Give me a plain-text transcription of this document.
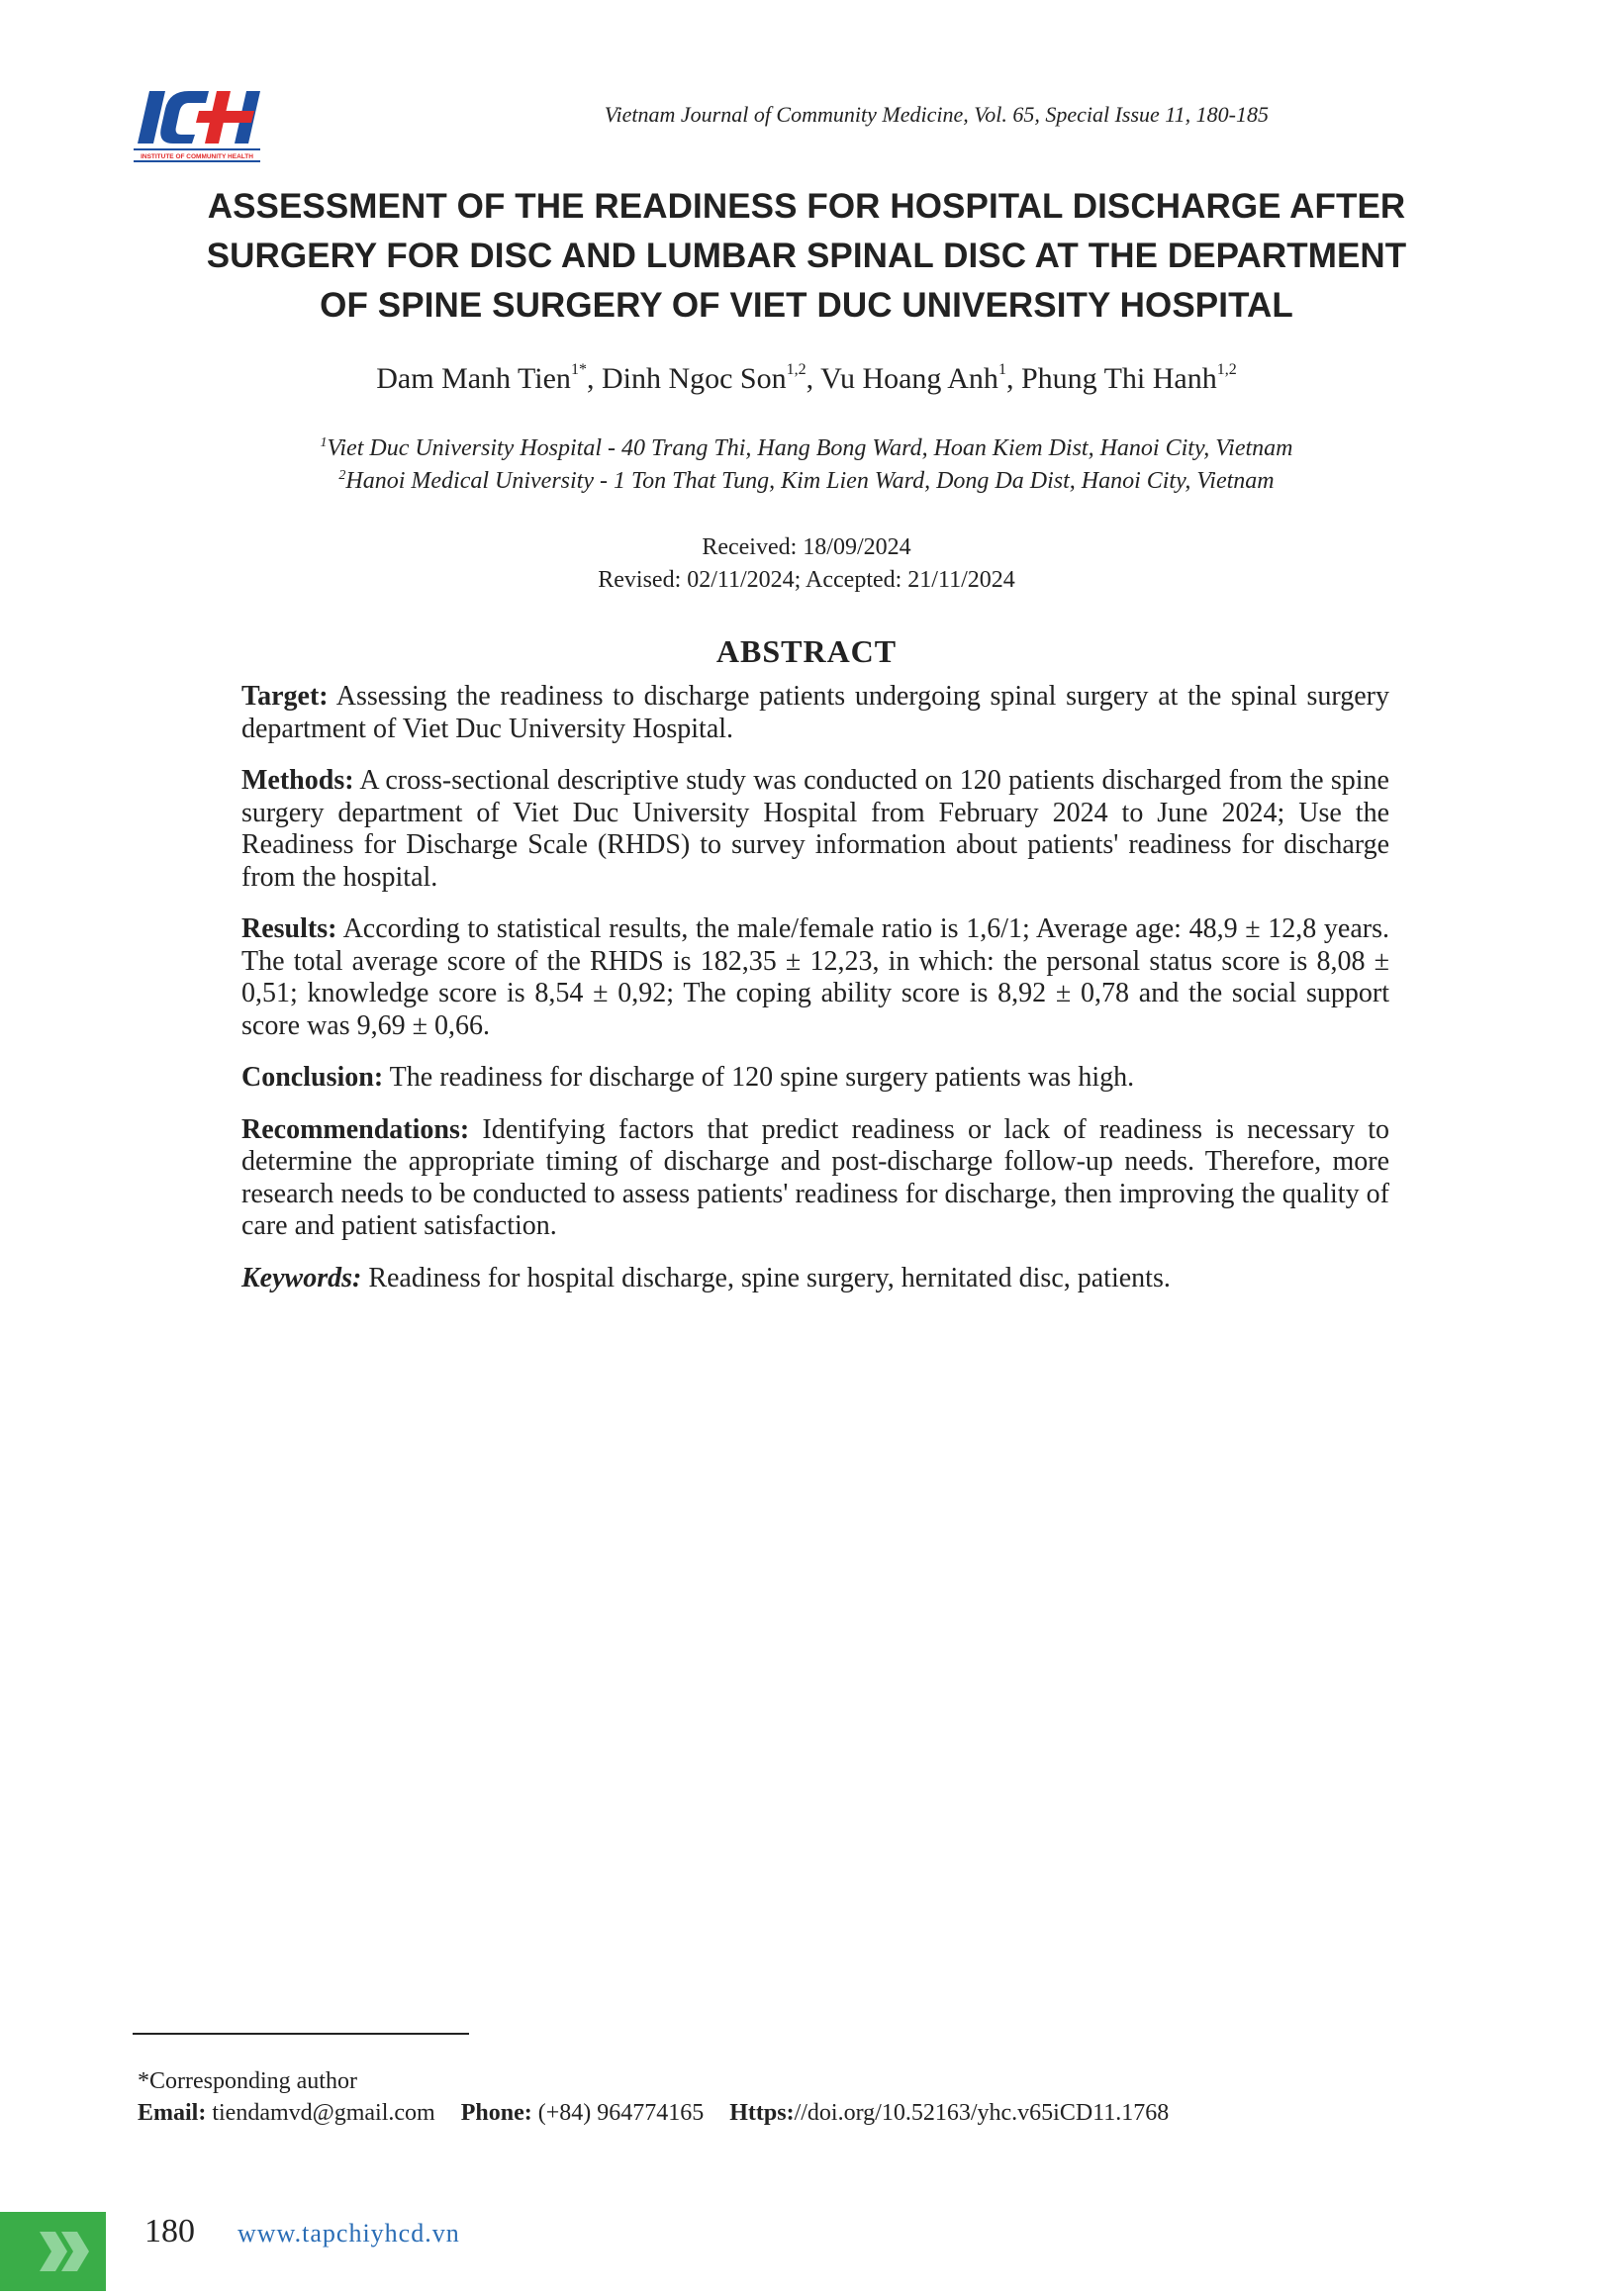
INSTITUTE OF COMMUNITY HEALTH
Vietnam Journal of Community Medicine, Vol. 65, Special Issue 11, 180-185
ASSESSMENT OF THE READINESS FOR HOSPITAL DISCHARGE AFTER
SURGERY FOR DISC AND LUMBAR SPINAL DISC AT THE DEPARTMENT
OF SPINE SURGERY OF VIET DUC UNIVERSITY HOSPITAL
Dam Manh Tien$^{1*}$, Dinh Ngoc Son$^{1,2}$, Vu Hoang Anh$^1$, Phung Thi Hanh$^{1,2}$
$^1$Viet Duc University Hospital - 40 Trang Thi, Hang Bong Ward, Hoan Kiem Dist, Hanoi City, Vietnam
$^2$Hanoi Medical University - 1 Ton That Tung, Kim Lien Ward, Dong Da Dist, Hanoi City, Vietnam
Received: 18/09/2024
Revised: 02/11/2024; Accepted: 21/11/2024
ABSTRACT

Target: Assessing the readiness to discharge patients undergoing spinal surgery at the spinal surgery department of Viet Duc University Hospital.

Methods: A cross-sectional descriptive study was conducted on 120 patients discharged from the spine surgery department of Viet Duc University Hospital from February 2024 to June 2024; Use the Readiness for Discharge Scale (RHDS) to survey information about patients' readiness for discharge from the hospital.

Results: According to statistical results, the male/female ratio is 1,6/1; Average age: 48,9 ± 12,8 years. The total average score of the RHDS is 182,35 ± 12,23, in which: the personal status score is 8,08 ± 0,51; knowledge score is 8,54 ± 0,92; The coping ability score is 8,92 ± 0,78 and the social support score was 9,69 ± 0,66.

Conclusion: The readiness for discharge of 120 spine surgery patients was high.

Recommendations: Identifying factors that predict readiness or lack of readiness is necessary to determine the appropriate timing of discharge and post-discharge follow-up needs. Therefore, more research needs to be conducted to assess patients' readiness for discharge, then improving the quality of care and patient satisfaction.

Keywords: Readiness for hospital discharge, spine surgery, hernitated disc, patients.

*Corresponding author
Email: tiendamvd@gmail.com Phone: (+84) 964774165 Https://doi.org/10.52163/yhc.v65iCD11.1768
180 www.tapchiyhcd.vn
